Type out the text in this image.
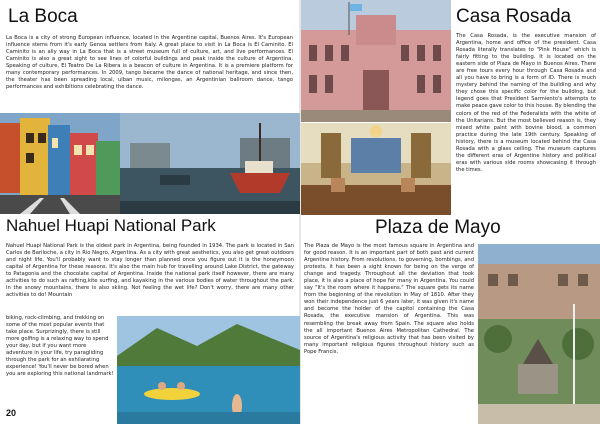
La Boca
La Boca is a city of strong European influence, located in the Argentine capital, Buenos Aires. It's European influence stems from it's early Genoa settlers from Italy. A great place to visit in La Boca is El Caminito. El Caminito is an ally way in La Boca that is a street museum full of culture, art, and live performances. El Caminito is also a great sight to see lines of colorful buildings and peak inside the culture of Argentina. Speaking of culture, El Teatro De La Ribera is a beacon of culture in Argentina. It is a premiere platform for many contemporary performances. In 2009, tango became the dance of national heritage, and since then, the theater has been spreading local, ulban music, milongas, an Argentinian ballroom dance, tango performances and exhibitions celebrating the dance.
Casa Rosada
The Casa Rosada, is the executive mansion of Argentina, home and office of the president. Casa Rosada literally translates to "Pink House" which is fairly fitting to the building. It is located on the eastern side of Plaza de Mayo in Buenos Aires. There are free tours every hour through Casa Rosada and all you have to bring is a form of ID. There is much mystery behind the naming of the building and why they chose this specific color for the building, but legend goes that President Sarmiento's attempts to make peace gave color to this house. By blending the colors of the red of the Federalists with the white of the Unitarians. But the most believed reason is, they mixed white paint with bovine blood, a common practice during the late 19th century. Speaking of history, there is a museum located behind the Casa Rosada with a glass ceiling. The museum captures the different eras of Argentine history and political eras with various side rooms showcasing it through the times.
Nahuel Huapi National Park
Nahuel Huapi National Park is the oldest park in Argentina, being founded in 1934. The park is located in San Carlos de Bariloche, a city in Rio Negro, Argentina. As a city with great aesthetics, you also get great outdoors and night life. You'll probably want to stay longer than planned once you figure out it is the honeymoon capital of Argentina for these reasons. It's also the main hub for travelling around Lake District, the gateway to Patagonia and the chocolate capital of Argentina. Inside the national park itself however, there are many activities to do such as rafting,kite surfing, and kayaking in the various bodies of water throughout the park. In the snowy mountains, there is also skiing. Not feeling the wet life? Don't worry, there are many other activities to do! Mountain
biking, rock-climbing, and trekking on some of the most popular events that take place. Surprizingly, there is still more golfing is a relaxing way to spend your day, but if you want more adventure in your life, try paragliding through the park for an exhilarating experience! You'll never be bored when you are exploring this national landmark!
20
Plaza de Mayo
The Plaza de Mayo is the most famous square in Argentina and for good reason. It is an important part of both past and current Argentine history. From revolutions, to governing, bombings, and protests, it has been a sight known for being on the verge of change and tragedy. Throughout all the deviation that took place, it is also a place of hope for many in Argentina. You could say "It's the room where it happens." The square gets its name from the beginning of the revolution in May of 1810. After they won their independence just 6 years later, it was given it's name and become the holder of the capitol containing the Casa Rosada, the executive mansion of Argentina. This was resembling the break away from Spain. The square also holds the all important Buenos Aires Metropolitan Cathedral. The source of Argentina's religious activity that has been visited by many important religious figures throughout history such as Pope Francis.
